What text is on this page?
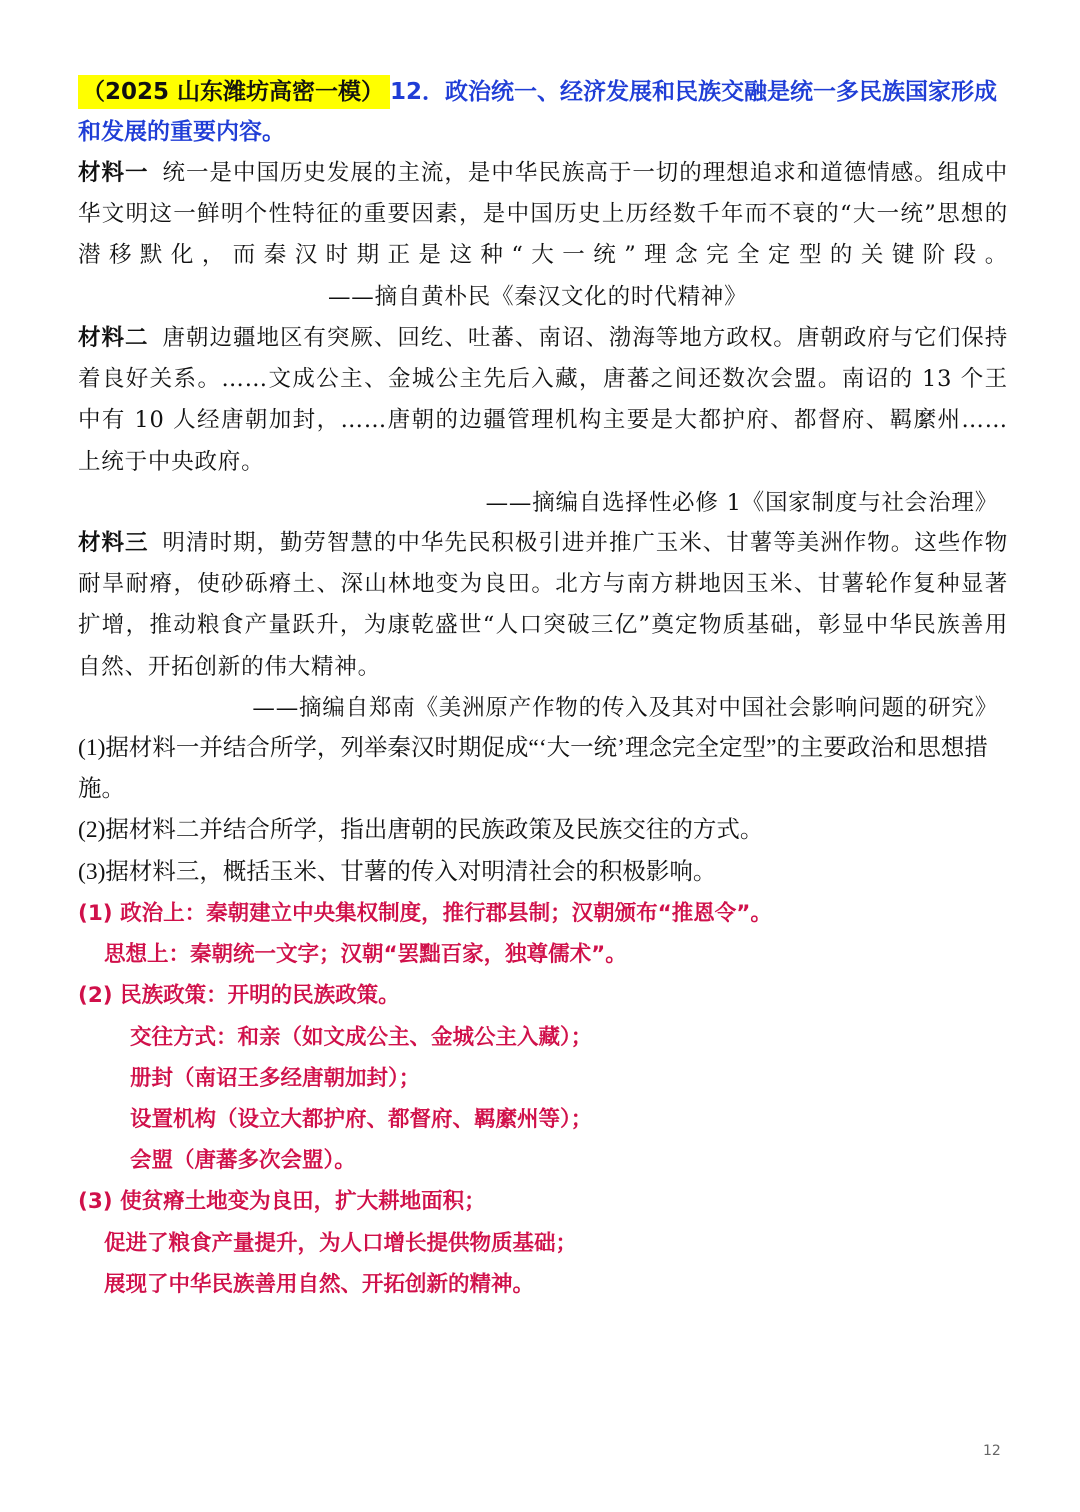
（2025 山东潍坊高密一模） 12．政治统一、经济发展和民族交融是统一多民族国家形成和发展的重要内容。
材料一 统一是中国历史发展的主流，是中华民族高于一切的理想追求和道德情感。组成中华文明这一鲜明个性特征的重要因素，是中国历史上历经数千年而不衰的“大一统”思想的潜移默化，而秦汉时期正是这种“大一统”理念完全定型的关键阶段。——摘自黄朴民《秦汉文化的时代精神》
材料二 唐朝边疆地区有突厥、回纥、吐蕃、南诏、渤海等地方政权。唐朝政府与它们保持着良好关系。……文成公主、金城公主先后入藏，唐蕃之间还数次会盟。南诏的 13 个王中有 10 人经唐朝加封，……唐朝的边疆管理机构主要是大都护府、都督府、羁縻州……上统于中央政府。
——摘编自选择性必修 1《国家制度与社会治理》
材料三 明清时期，勤劳智慧的中华先民积极引进并推广玉米、甘薯等美洲作物。这些作物耐旱耐瘠，使砂砾瘠土、深山林地变为良田。北方与南方耕地因玉米、甘薯轮作复种显著扩增，推动粮食产量跃升，为康乾盛世“人口突破三亿”奠定物质基础，彰显中华民族善用自然、开拓创新的伟大精神。
——摘编自郑南《美洲原产作物的传入及其对中国社会影响问题的研究》

(1)据材料一并结合所学，列举秦汉时期促成“‘大一统’理念完全定型”的主要政治和思想措施。

(2)据材料二并结合所学，指出唐朝的民族政策及民族交往的方式。

(3)据材料三，概括玉米、甘薯的传入对明清社会的积极影响。

(1) 政治上：秦朝建立中央集权制度，推行郡县制；汉朝颁布“推恩令”。

思想上：秦朝统一文字；汉朝“罢黜百家，独尊儒术”。

(2) 民族政策：开明的民族政策。

交往方式：和亲（如文成公主、金城公主入藏）；

册封（南诏王多经唐朝加封）；

设置机构（设立大都护府、都督府、羁縻州等）；

会盟（唐蕃多次会盟）。

(3) 使贫瘠土地变为良田，扩大耕地面积；

促进了粮食产量提升，为人口增长提供物质基础；

展现了中华民族善用自然、开拓创新的精神。

12
